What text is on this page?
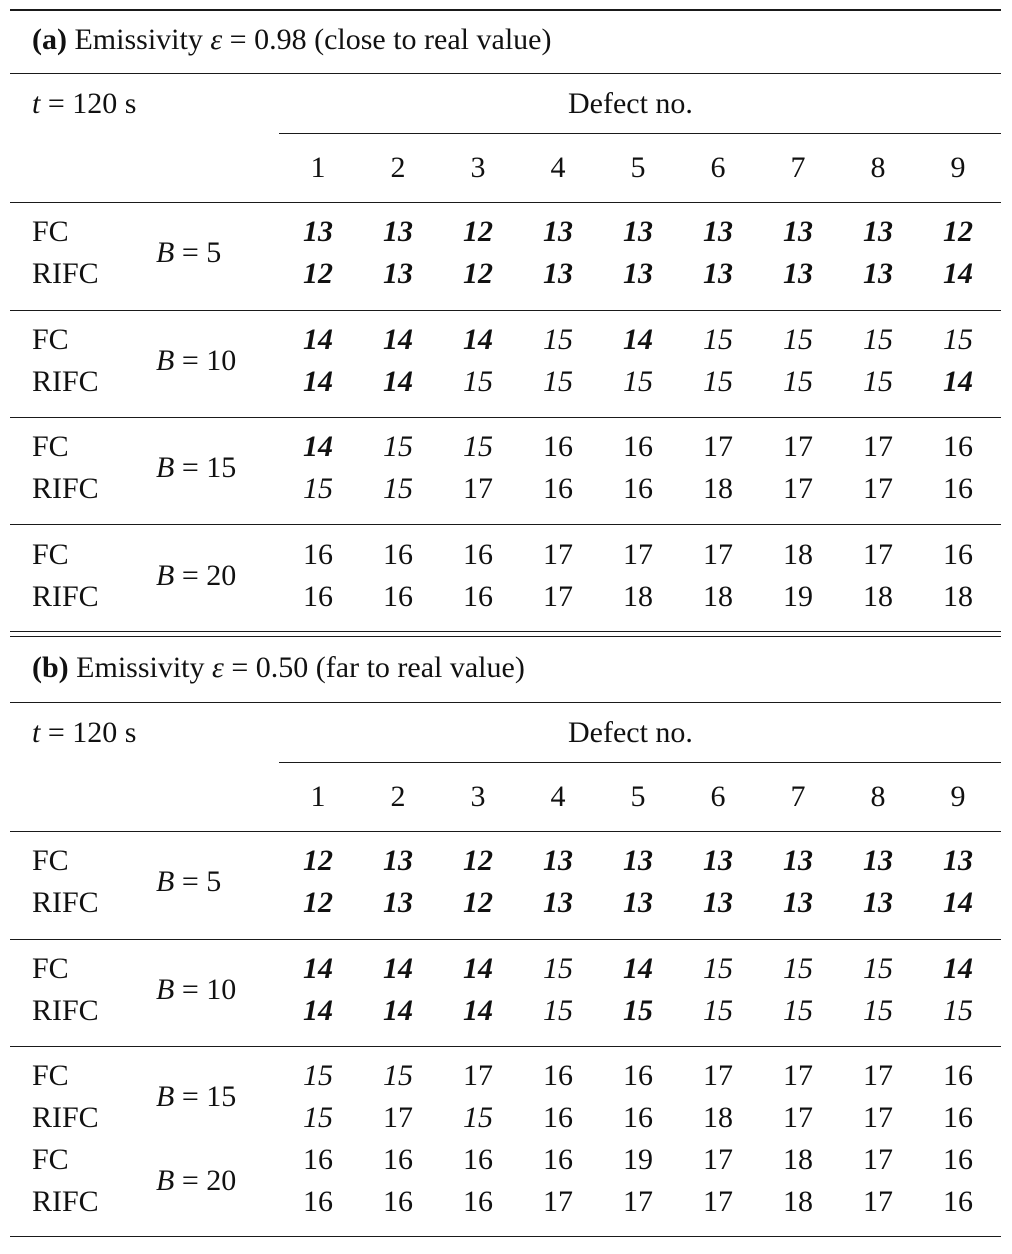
(a) Emissivity ε = 0.98 (close to real value)
t = 120 s	Defect no.
1	2	3	4	5	6	7	8	9
B = 5
FC	13	13	12	13	13	13	13	13	12
RIFC	12	13	12	13	13	13	13	13	14
B = 10
FC	14	14	14	15	14	15	15	15	15
RIFC	14	14	15	15	15	15	15	15	14
B = 15
FC	14	15	15	16	16	17	17	17	16
RIFC	15	15	17	16	16	18	17	17	16
B = 20
FC	16	16	16	17	17	17	18	17	16
RIFC	16	16	16	17	18	18	19	18	18
(b) Emissivity ε = 0.50 (far to real value)
t = 120 s	Defect no.
1	2	3	4	5	6	7	8	9
B = 5
FC	12	13	12	13	13	13	13	13	13
RIFC	12	13	12	13	13	13	13	13	14
B = 10
FC	14	14	14	15	14	15	15	15	14
RIFC	14	14	14	15	15	15	15	15	15
B = 15
FC	15	15	17	16	16	17	17	17	16
RIFC	15	17	15	16	16	18	17	17	16
B = 20
FC	16	16	16	16	19	17	18	17	16
RIFC	16	16	16	17	17	17	18	17	16
